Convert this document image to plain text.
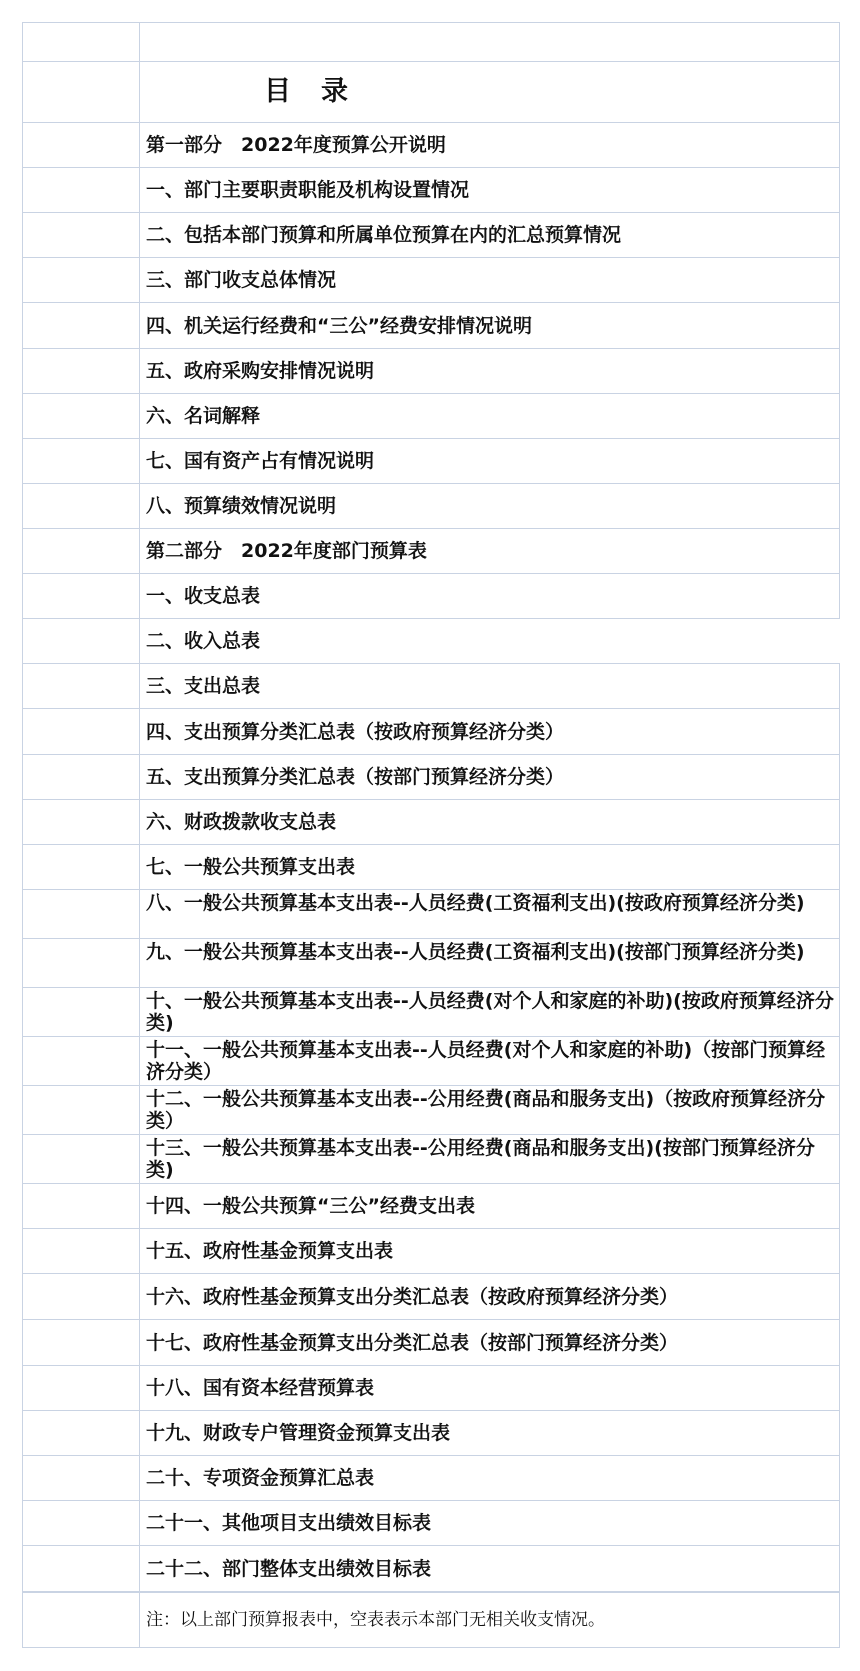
目 录
第一部分　2022年度预算公开说明
一、部门主要职责职能及机构设置情况
二、包括本部门预算和所属单位预算在内的汇总预算情况
三、部门收支总体情况
四、机关运行经费和“三公”经费安排情况说明
五、政府采购安排情况说明
六、名词解释
七、国有资产占有情况说明
八、预算绩效情况说明
第二部分　2022年度部门预算表
一、收支总表
二、收入总表
三、支出总表
四、支出预算分类汇总表（按政府预算经济分类）
五、支出预算分类汇总表（按部门预算经济分类）
六、财政拨款收支总表
七、一般公共预算支出表
八、一般公共预算基本支出表--人员经费(工资福利支出)(按政府预算经济分类)
九、一般公共预算基本支出表--人员经费(工资福利支出)(按部门预算经济分类)
十、一般公共预算基本支出表--人员经费(对个人和家庭的补助)(按政府预算经济分类)
十一、一般公共预算基本支出表--人员经费(对个人和家庭的补助)（按部门预算经济分类）
十二、一般公共预算基本支出表--公用经费(商品和服务支出)（按政府预算经济分类）
十三、一般公共预算基本支出表--公用经费(商品和服务支出)(按部门预算经济分类)
十四、一般公共预算“三公”经费支出表
十五、政府性基金预算支出表
十六、政府性基金预算支出分类汇总表（按政府预算经济分类）
十七、政府性基金预算支出分类汇总表（按部门预算经济分类）
十八、国有资本经营预算表
十九、财政专户管理资金预算支出表
二十、专项资金预算汇总表
二十一、其他项目支出绩效目标表
二十二、部门整体支出绩效目标表
注：以上部门预算报表中，空表表示本部门无相关收支情况。
